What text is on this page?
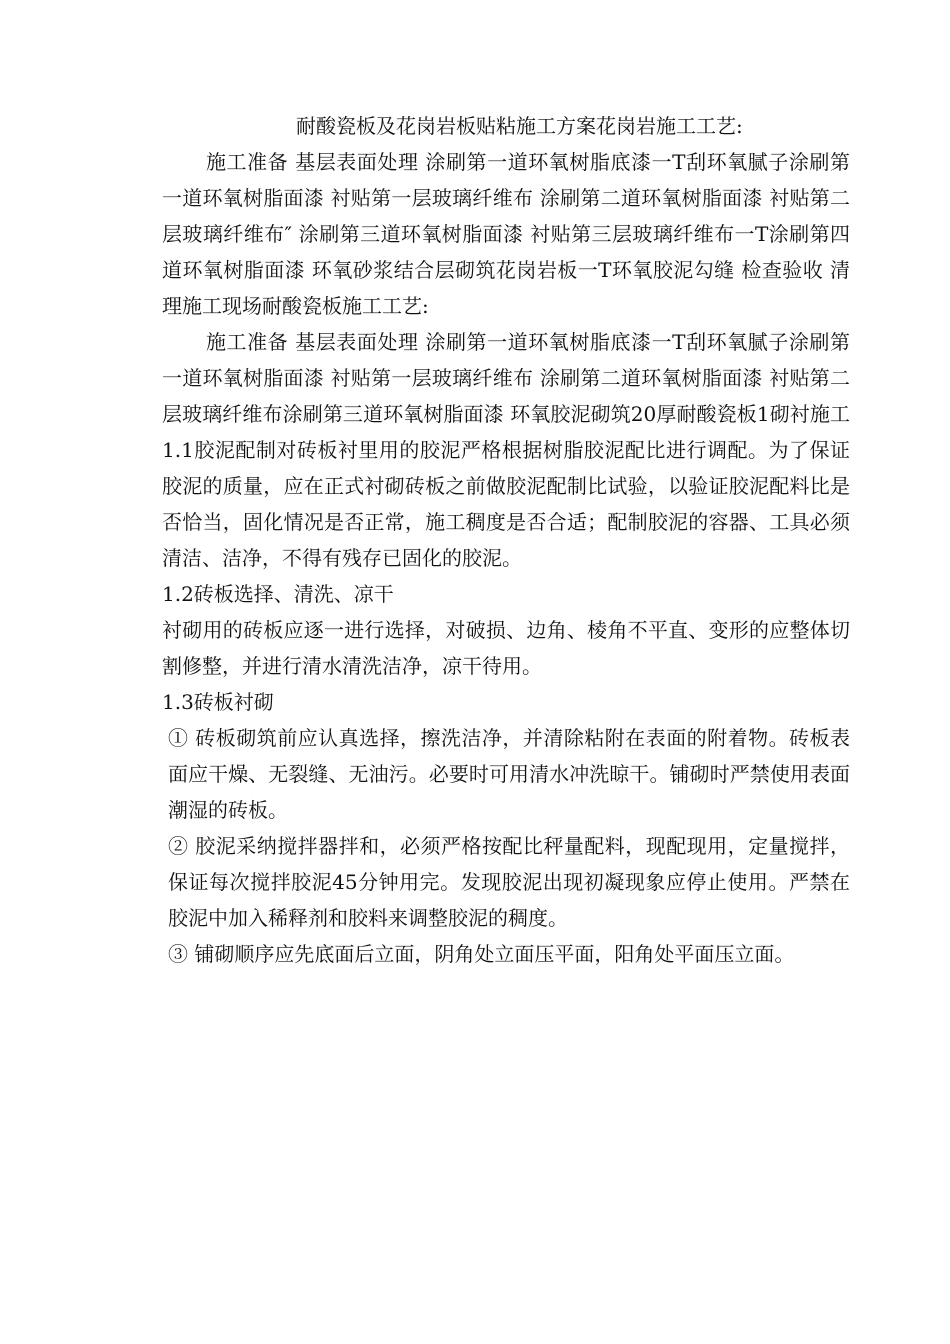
耐酸瓷板及花岗岩板贴粘施工方案花岗岩施工工艺:

施工准备 基层表面处理 涂刷第一道环氧树脂底漆一T刮环氧腻子涂刷第一道环氧树脂面漆 衬贴第一层玻璃纤维布 涂刷第二道环氧树脂面漆 衬贴第二层玻璃纤维布″ 涂刷第三道环氧树脂面漆 衬贴第三层玻璃纤维布一T涂刷第四道环氧树脂面漆 环氧砂浆结合层砌筑花岗岩板一T环氧胶泥勾缝 检查验收 清理施工现场耐酸瓷板施工工艺:

施工准备 基层表面处理 涂刷第一道环氧树脂底漆一T刮环氧腻子涂刷第一道环氧树脂面漆 衬贴第一层玻璃纤维布 涂刷第二道环氧树脂面漆 衬贴第二层玻璃纤维布涂刷第三道环氧树脂面漆 环氧胶泥砌筑20厚耐酸瓷板1砌衬施工1.1胶泥配制对砖板衬里用的胶泥严格根据树脂胶泥配比进行调配。为了保证胶泥的质量，应在正式衬砌砖板之前做胶泥配制比试验，以验证胶泥配料比是否恰当，固化情况是否正常，施工稠度是否合适；配制胶泥的容器、工具必须清洁、洁净，不得有残存已固化的胶泥。

1.2砖板选择、清洗、凉干

衬砌用的砖板应逐一进行选择，对破损、边角、棱角不平直、变形的应整体切割修整，并进行清水清洗洁净，凉干待用。

1.3砖板衬砌

① 砖板砌筑前应认真选择，擦洗洁净，并清除粘附在表面的附着物。砖板表面应干燥、无裂缝、无油污。必要时可用清水冲洗晾干。铺砌时严禁使用表面潮湿的砖板。

② 胶泥采纳搅拌器拌和，必须严格按配比秤量配料，现配现用，定量搅拌，保证每次搅拌胶泥45分钟用完。发现胶泥出现初凝现象应停止使用。严禁在胶泥中加入稀释剂和胶料来调整胶泥的稠度。

③ 铺砌顺序应先底面后立面，阴角处立面压平面，阳角处平面压立面。
